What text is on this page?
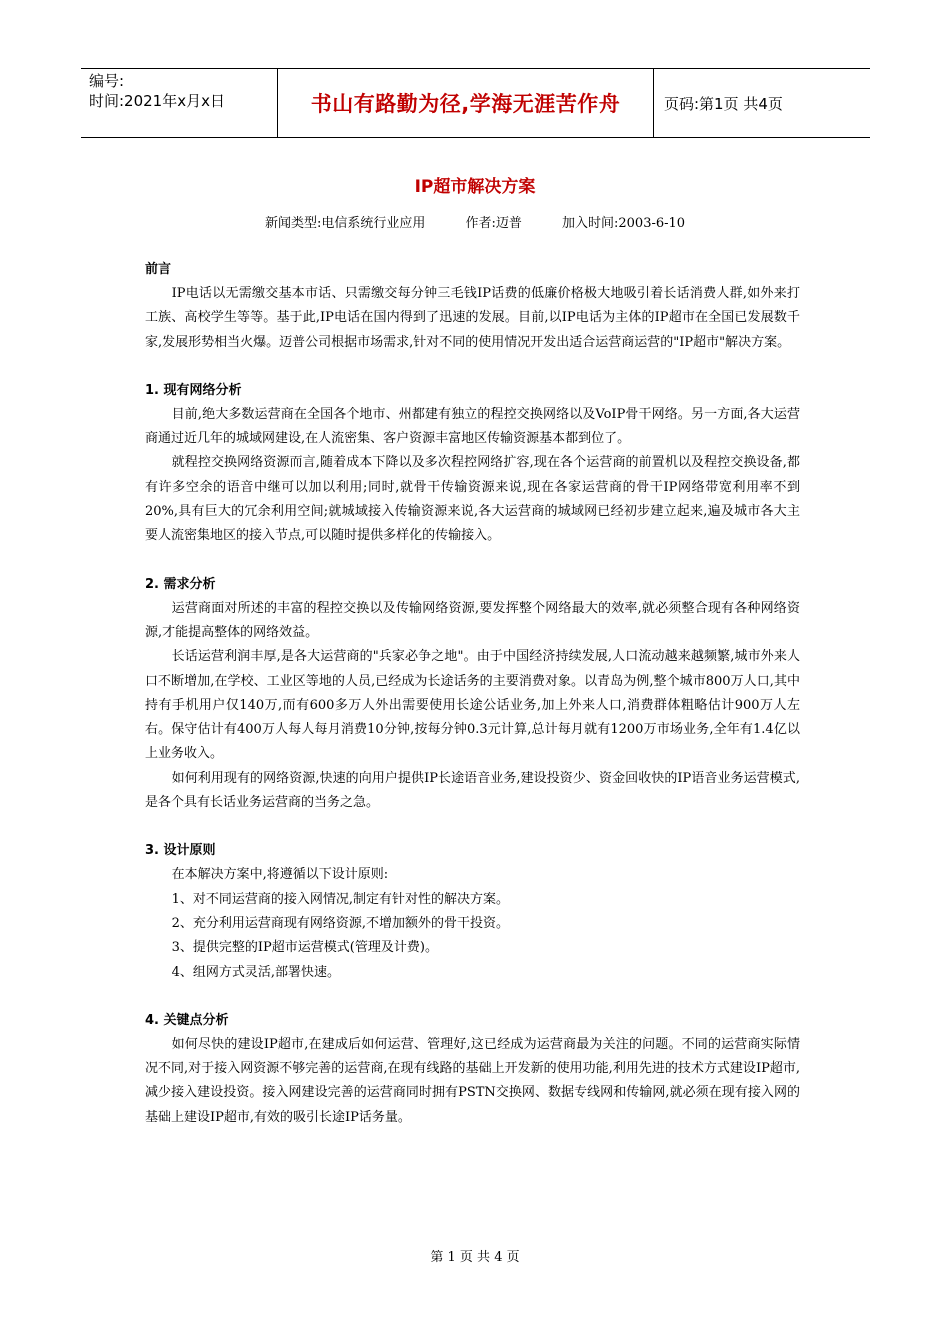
编号:
时间:2021年x月x日	书山有路勤为径,学海无涯苦作舟	页码:第1页 共4页
IP超市解决方案
新闻类型:电信系统行业应用	作者:迈普	加入时间:2003-6-10
前言

IP电话以无需缴交基本市话、只需缴交每分钟三毛钱IP话费的低廉价格极大地吸引着长话消费人群,如外来打工族、高校学生等等。基于此,IP电话在国内得到了迅速的发展。目前,以IP电话为主体的IP超市在全国已发展数千家,发展形势相当火爆。迈普公司根据市场需求,针对不同的使用情况开发出适合运营商运营的"IP超市"解决方案。

1. 现有网络分析

目前,绝大多数运营商在全国各个地市、州都建有独立的程控交换网络以及VoIP骨干网络。另一方面,各大运营商通过近几年的城域网建设,在人流密集、客户资源丰富地区传输资源基本都到位了。

就程控交换网络资源而言,随着成本下降以及多次程控网络扩容,现在各个运营商的前置机以及程控交换设备,都有许多空余的语音中继可以加以利用;同时,就骨干传输资源来说,现在各家运营商的骨干IP网络带宽利用率不到20%,具有巨大的冗余利用空间;就城域接入传输资源来说,各大运营商的城域网已经初步建立起来,遍及城市各大主要人流密集地区的接入节点,可以随时提供多样化的传输接入。

2. 需求分析

运营商面对所述的丰富的程控交换以及传输网络资源,要发挥整个网络最大的效率,就必须整合现有各种网络资源,才能提高整体的网络效益。

长话运营利润丰厚,是各大运营商的"兵家必争之地"。由于中国经济持续发展,人口流动越来越频繁,城市外来人口不断增加,在学校、工业区等地的人员,已经成为长途话务的主要消费对象。以青岛为例,整个城市800万人口,其中持有手机用户仅140万,而有600多万人外出需要使用长途公话业务,加上外来人口,消费群体粗略估计900万人左右。保守估计有400万人每人每月消费10分钟,按每分钟0.3元计算,总计每月就有1200万市场业务,全年有1.4亿以上业务收入。

如何利用现有的网络资源,快速的向用户提供IP长途语音业务,建设投资少、资金回收快的IP语音业务运营模式,是各个具有长话业务运营商的当务之急。

3. 设计原则

在本解决方案中,将遵循以下设计原则:

1、对不同运营商的接入网情况,制定有针对性的解决方案。

2、充分利用运营商现有网络资源,不增加额外的骨干投资。

3、提供完整的IP超市运营模式(管理及计费)。

4、组网方式灵活,部署快速。

4. 关键点分析

如何尽快的建设IP超市,在建成后如何运营、管理好,这已经成为运营商最为关注的问题。不同的运营商实际情况不同,对于接入网资源不够完善的运营商,在现有线路的基础上开发新的使用功能,利用先进的技术方式建设IP超市,减少接入建设投资。接入网建设完善的运营商同时拥有PSTN交换网、数据专线网和传输网,就必须在现有接入网的基础上建设IP超市,有效的吸引长途IP话务量。

第 1 页 共 4 页
